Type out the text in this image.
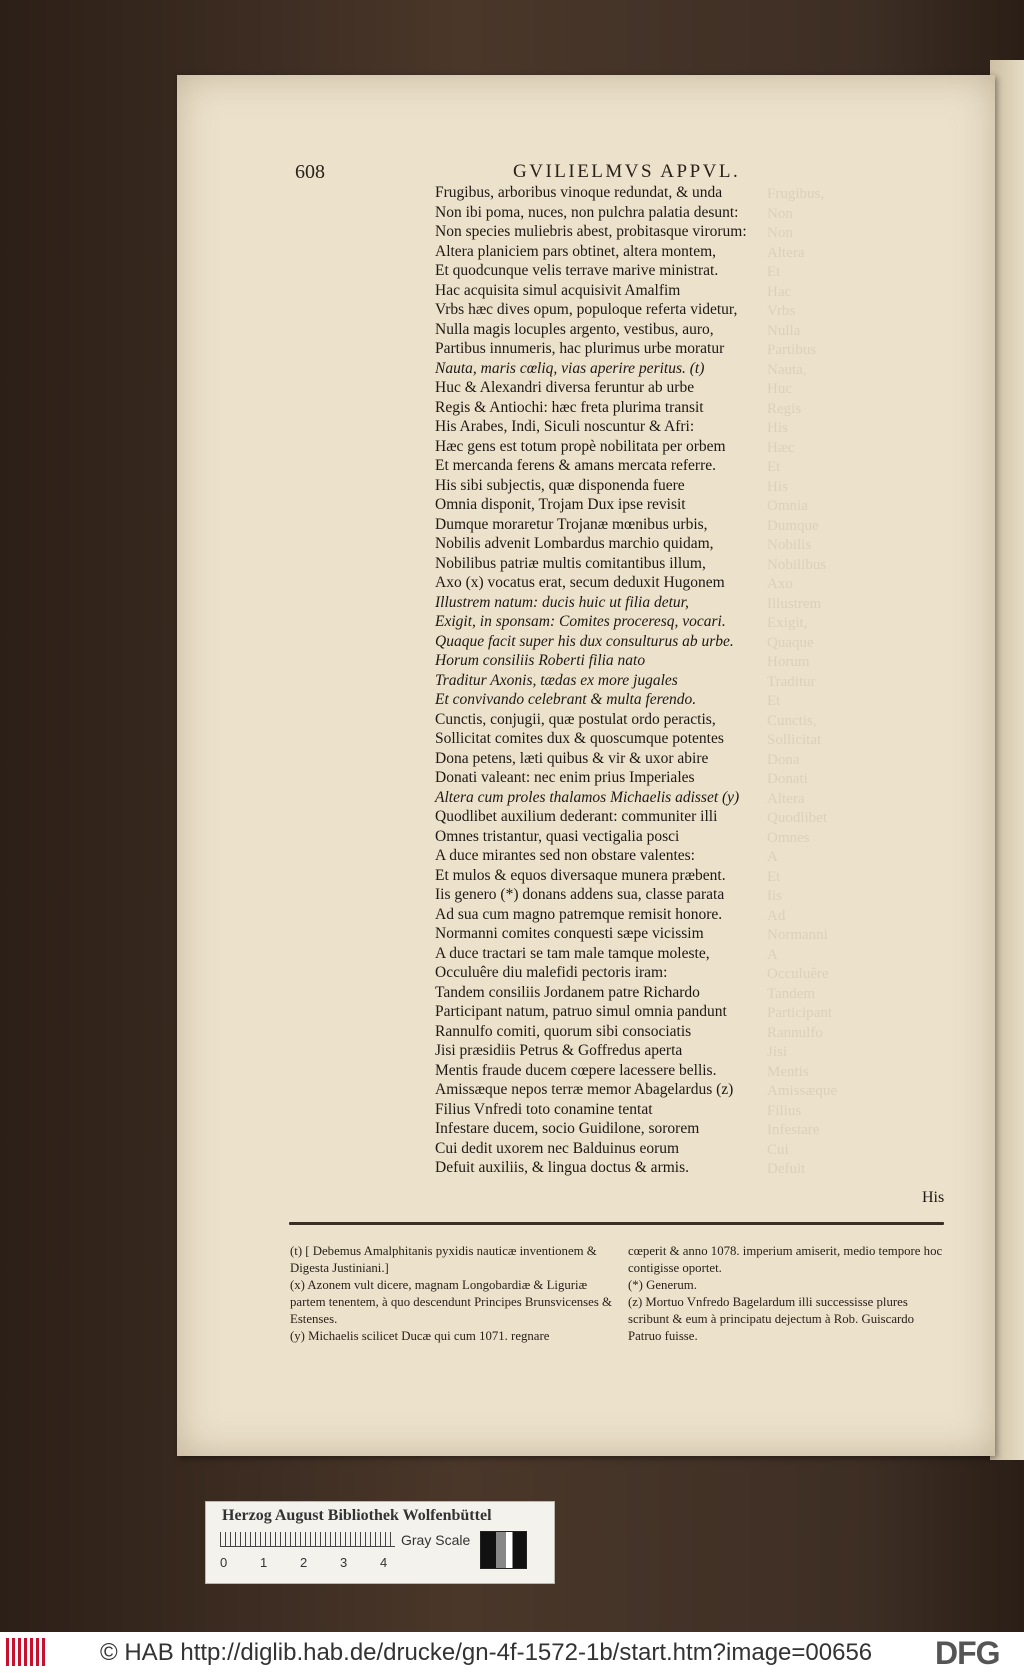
Frugibus,
Non
Non
Altera
Et
Hac
Vrbs
Nulla
Partibus
Nauta,
Huc
Regis
His
Hæc
Et
His
Omnia
Dumque
Nobilis
Nobilibus
Axo
Illustrem
Exigit,
Quaque
Horum
Traditur
Et
Cunctis,
Sollicitat
Dona
Donati
Altera
Quodlibet
Omnes
A
Et
Iis
Ad
Normanni
A
Occuluêre
Tandem
Participant
Rannulfo
Jisi
Mentis
Amissæque
Filius
Infestare
Cui
Defuit
608	GVILIELMVS APPVL.
Frugibus, arboribus vinoque redundat, & unda
Non ibi poma, nuces, non pulchra palatia desunt:
Non species muliebris abest, probitasque virorum:
Altera planiciem pars obtinet, altera montem,
Et quodcunque velis terrave marive ministrat.
Hac acquisita simul acquisivit Amalfim
Vrbs hæc dives opum, populoque referta videtur,
Nulla magis locuples argento, vestibus, auro,
Partibus innumeris, hac plurimus urbe moratur
Nauta, maris cœliq, vias aperire peritus. (t)
Huc & Alexandri diversa feruntur ab urbe
Regis & Antiochi: hæc freta plurima transit
His Arabes, Indi, Siculi noscuntur & Afri:
Hæc gens est totum propè nobilitata per orbem
Et mercanda ferens & amans mercata referre.
His sibi subjectis, quæ disponenda fuere
Omnia disponit, Trojam Dux ipse revisit
Dumque moraretur Trojanæ mœnibus urbis,
Nobilis advenit Lombardus marchio quidam,
Nobilibus patriæ multis comitantibus illum,
Axo (x) vocatus erat, secum deduxit Hugonem
Illustrem natum: ducis huic ut filia detur,
Exigit, in sponsam: Comites proceresq, vocari.
Quaque facit super his dux consulturus ab urbe.
Horum consiliis Roberti filia nato
Traditur Axonis, tædas ex more jugales
Et convivando celebrant & multa ferendo.
Cunctis, conjugii, quæ postulat ordo peractis,
Sollicitat comites dux & quoscumque potentes
Dona petens, læti quibus & vir & uxor abire
Donati valeant: nec enim prius Imperiales
Altera cum proles thalamos Michaelis adisset (y)
Quodlibet auxilium dederant: communiter illi
Omnes tristantur, quasi vectigalia posci
A duce mirantes sed non obstare valentes:
Et mulos & equos diversaque munera præbent.
Iis genero (*) donans addens sua, classe parata
Ad sua cum magno patremque remisit honore.
Normanni comites conquesti sæpe vicissim
A duce tractari se tam male tamque moleste,
Occuluêre diu malefidi pectoris iram:
Tandem consiliis Jordanem patre Richardo
Participant natum, patruo simul omnia pandunt
Rannulfo comiti, quorum sibi consociatis
Jisi præsidiis Petrus & Goffredus aperta
Mentis fraude ducem cœpere lacessere bellis.
Amissæque nepos terræ memor Abagelardus (z)
Filius Vnfredi toto conamine tentat
Infestare ducem, socio Guidilone, sororem
Cui dedit uxorem nec Balduinus eorum
Defuit auxiliis, & lingua doctus & armis.
His

(t) [ Debemus Amalphitanis pyxidis nauticæ inventionem & Digesta Justiniani.]

(x) Azonem vult dicere, magnam Longobardiæ & Liguriæ partem tenentem, à quo descendunt Principes Brunsvicenses & Estenses.

(y) Michaelis scilicet Ducæ qui cum 1071. regnare

cœperit & anno 1078. imperium amiserit, medio tempore hoc contigisse oportet.

(*) Generum.

(z) Mortuo Vnfredo Bagelardum illi successisse plures scribunt & eum à principatu dejectum à Rob. Guiscardo Patruo fuisse.

Herzog August Bibliothek Wolfenbüttel
0	1	2	3	4
Gray Scale
© HAB http://diglib.hab.de/drucke/gn-4f-1572-1b/start.htm?image=00656 DFG
